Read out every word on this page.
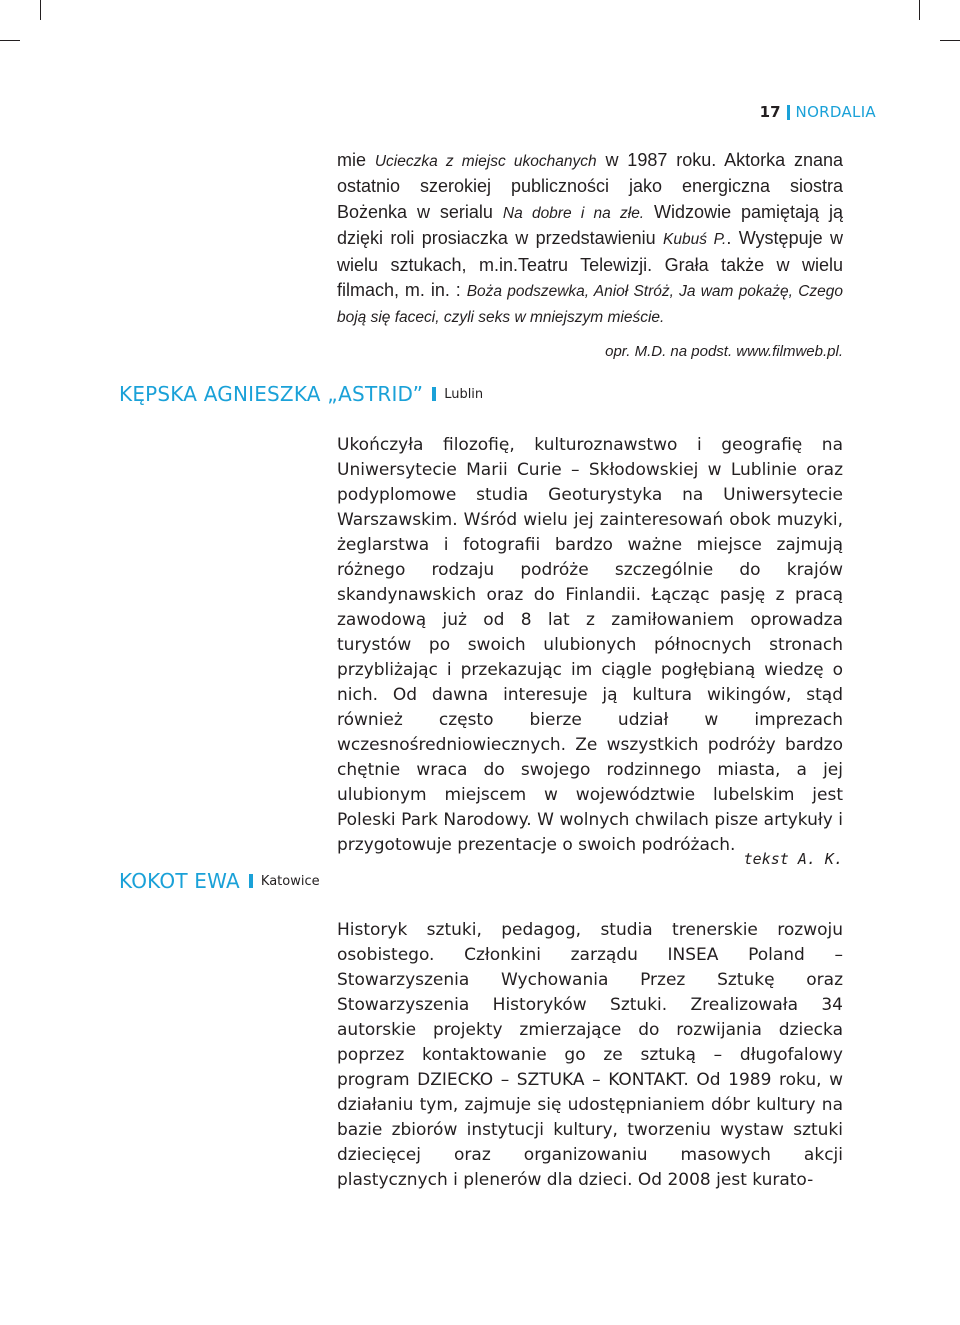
17 NORDALIA

mie Ucieczka z miejsc ukochanych w 1987 roku. Aktorka znana ostatnio szerokiej publiczności jako energiczna siostra Bożenka w serialu Na dobre i na złe. Widzowie pamiętają ją dzięki roli prosiaczka w przedstawieniu Kubuś P.. Występuje w wielu sztukach, m.in.Teatru Telewizji. Grała także w wielu filmach, m. in. : Boża podszewka, Anioł Stróż, Ja wam pokażę, Czego boją się faceci, czyli seks w mniejszym mieście.

opr. M.D. na podst. www.filmweb.pl.
KĘPSKA AGNIESZKA „ASTRID” Lublin

Ukończyła filozofię, kulturoznawstwo i geografię na Uniwersytecie Marii Curie – Skłodowskiej w Lublinie oraz podyplomowe studia Geoturystyka na Uniwersytecie Warszawskim. Wśród wielu jej zainteresowań obok muzyki, żeglarstwa i fotografii bardzo ważne miejsce zajmują różnego rodzaju podróże szczególnie do krajów skandynawskich oraz do Finlandii. Łącząc pasję z pracą zawodową już od 8 lat z zamiłowaniem oprowadza turystów po swoich ulubionych północnych stronach przybliżając i przekazując im ciągle pogłębianą wiedzę o nich. Od dawna interesuje ją kultura wikingów, stąd również często bierze udział w imprezach wczesnośredniowiecznych. Ze wszystkich podróży bardzo chętnie wraca do swojego rodzinnego miasta, a jej ulubionym miejscem w województwie lubelskim jest Poleski Park Narodowy. W wolnych chwilach pisze artykuły i przygotowuje prezentacje o swoich podróżach.

tekst A. K.
KOKOT EWA Katowice

Historyk sztuki, pedagog, studia trenerskie rozwoju osobistego. Członkini zarządu INSEA Poland – Stowarzyszenia Wychowania Przez Sztukę oraz Stowarzyszenia Historyków Sztuki. Zrealizowała 34 autorskie projekty zmierzające do rozwijania dziecka poprzez kontaktowanie go ze sztuką – długofalowy program DZIECKO – SZTUKA – KONTAKT. Od 1989 roku, w działaniu tym, zajmuje się udostępnianiem dóbr kultury na bazie zbiorów instytucji kultury, tworzeniu wystaw sztuki dziecięcej oraz organizowaniu masowych akcji plastycznych i plenerów dla dzieci. Od 2008 jest kurato-
